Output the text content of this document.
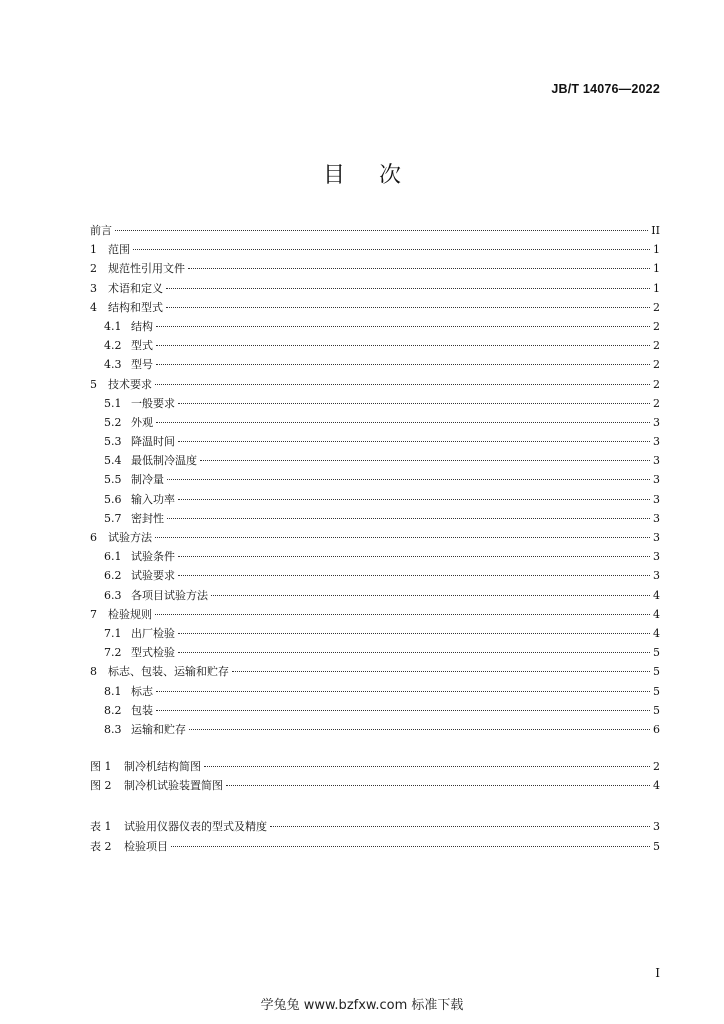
JB/T 14076—2022
目次
前言	II
1	范围	1
2	规范性引用文件	1
3	术语和定义	1
4	结构和型式	2
4.1 结构	2
4.2 型式	2
4.3 型号	2
5	技术要求	2
5.1 一般要求	2
5.2 外观	3
5.3 降温时间	3
5.4 最低制冷温度	3
5.5 制冷量	3
5.6 输入功率	3
5.7 密封性	3
6	试验方法	3
6.1 试验条件	3
6.2 试验要求	3
6.3 各项目试验方法	4
7	检验规则	4
7.1 出厂检验	4
7.2 型式检验	5
8	标志、包装、运输和贮存	5
8.1 标志	5
8.2 包装	5
8.3 运输和贮存	6
图 1	制冷机结构简图	2
图 2	制冷机试验装置简图	4
表 1	试验用仪器仪表的型式及精度	3
表 2	检验项目	5
I
学兔兔 www.bzfxw.com 标准下载
